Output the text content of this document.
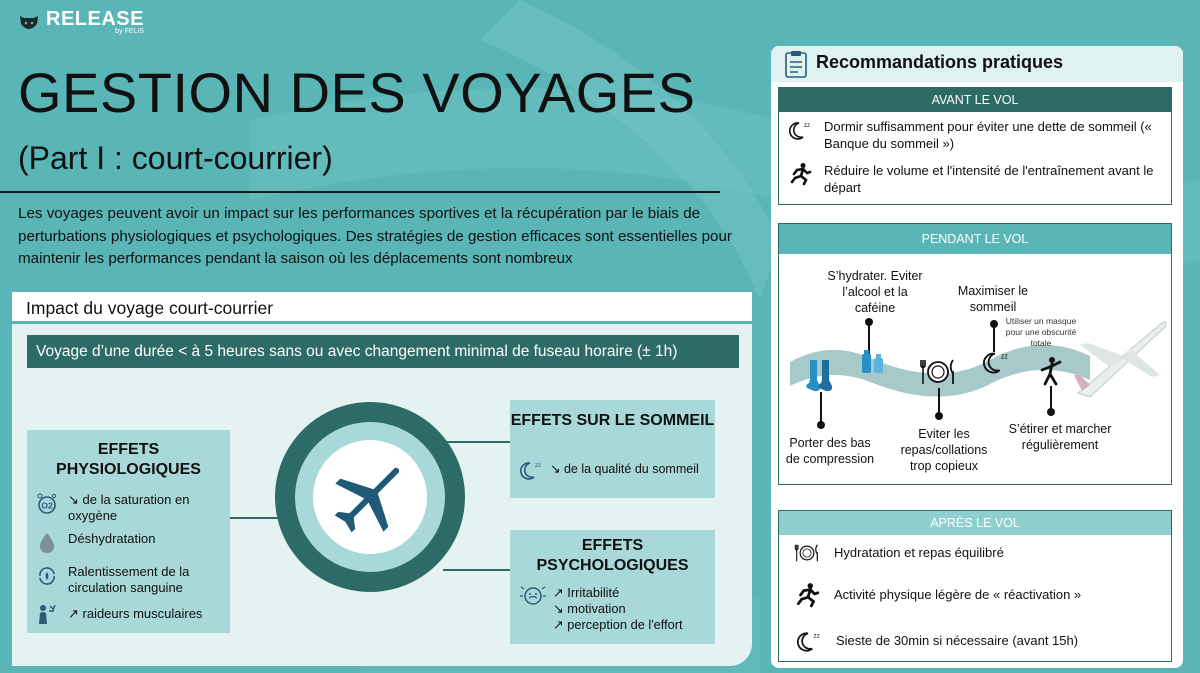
RELEASE
by FELIS
GESTION DES VOYAGES
(Part I : court-courrier)
Les voyages peuvent avoir un impact sur les performances sportives et la récupération par le biais de perturbations physiologiques et psychologiques. Des stratégies de gestion efficaces sont essentielles pour maintenir les performances pendant la saison où les déplacements sont nombreux
Impact du voyage court-courrier
Voyage d’une durée < à 5 heures sans ou avec changement minimal de fuseau horaire (± 1h)
EFFETS PHYSIOLOGIQUES
O2 ↘ de la saturation en oxygène
Déshydratation
Ralentissement de la circulation sanguine
↗ raideurs musculaires
EFFETS SUR LE SOMMEIL
zz ↘ de la qualité du sommeil
EFFETS PSYCHOLOGIQUES
↗ Irritabilité
↘ motivation
↗ perception de l'effort
Recommandations pratiques
AVANT LE VOL
zz Dormir suffisamment pour éviter une dette de sommeil (« Banque du sommeil »)
Réduire le volume et l'intensité de l'entraînement avant le départ
PENDANT LE VOL
S’hydrater. Eviter l’alcool et la caféine
zz
Maximiser le sommeil
Utiliser un masque pour une obscurité totale
Porter des bas de compression
Eviter les repas/collations trop copieux
S’étirer et marcher régulièrement
APRÈS LE VOL
Hydratation et repas équilibré
Activité physique légère de « réactivation »
zz Sieste de 30min si nécessaire (avant 15h)
